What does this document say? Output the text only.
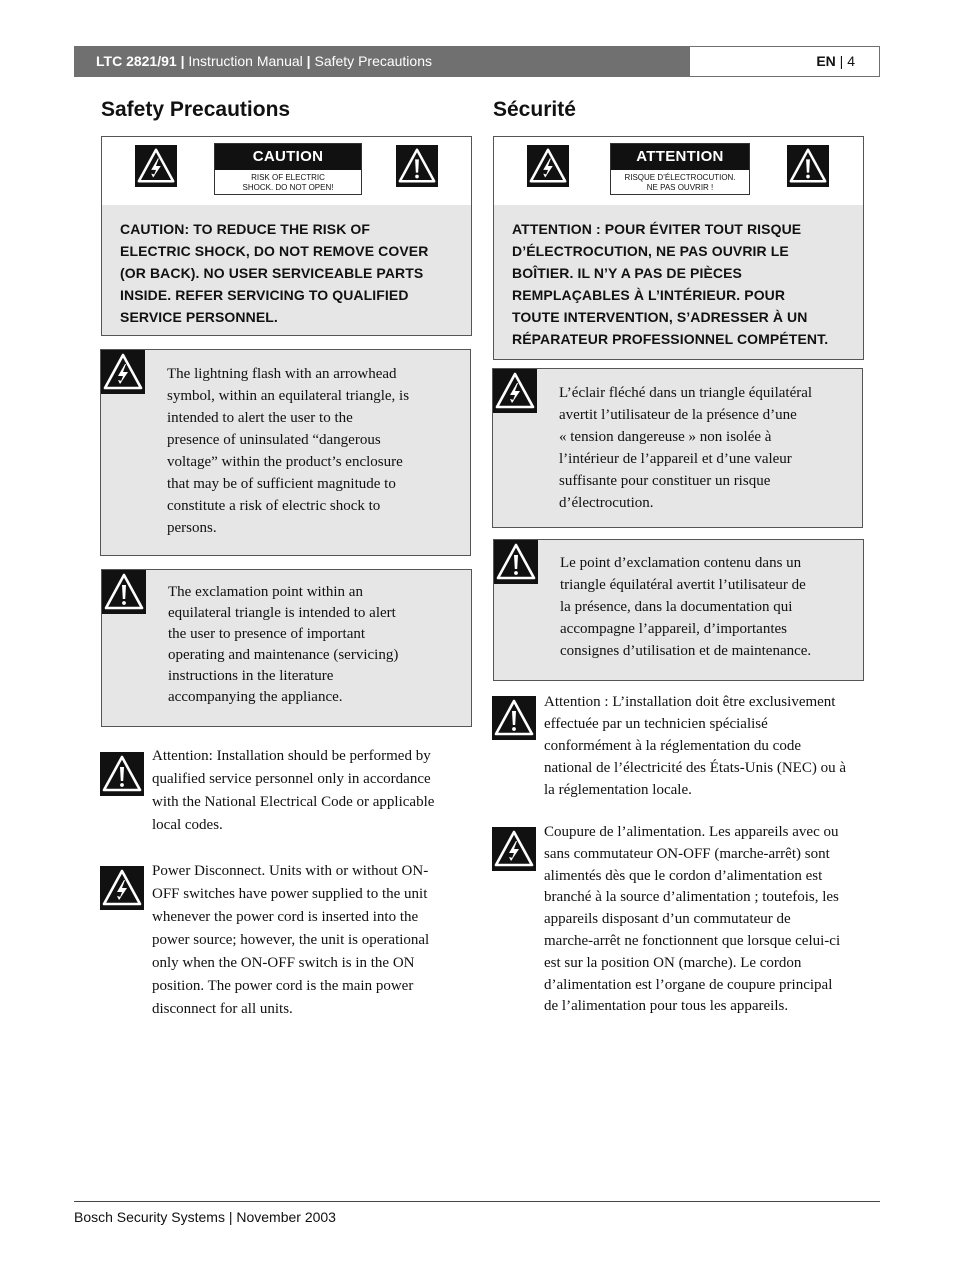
LTC 2821/91 | Instruction Manual | Safety Precautions	EN | 4
Safety Precautions	Sécurité
CAUTION
RISK OF ELECTRIC
SHOCK. DO NOT OPEN!
CAUTION: TO REDUCE THE RISK OF
ELECTRIC SHOCK, DO NOT REMOVE COVER
(OR BACK). NO USER SERVICEABLE PARTS
INSIDE. REFER SERVICING TO QUALIFIED
SERVICE PERSONNEL.
ATTENTION
RISQUE D’ÉLECTROCUTION.
NE PAS OUVRIR !
ATTENTION : POUR ÉVITER TOUT RISQUE
D’ÉLECTROCUTION, NE PAS OUVRIR LE
BOÎTIER. IL N’Y A PAS DE PIÈCES
REMPLAÇABLES À L’INTÉRIEUR. POUR
TOUTE INTERVENTION, S’ADRESSER À UN
RÉPARATEUR PROFESSIONNEL COMPÉTENT.
The lightning flash with an arrowhead
symbol, within an equilateral triangle, is
intended to alert the user to the
presence of uninsulated “dangerous
voltage” within the product’s enclosure
that may be of sufficient magnitude to
constitute a risk of electric shock to
persons.
L’éclair fléché dans un triangle équilatéral
avertit l’utilisateur de la présence d’une
« tension dangereuse » non isolée à
l’intérieur de l’appareil et d’une valeur
suffisante pour constituer un risque
d’électrocution.
The exclamation point within an
equilateral triangle is intended to alert
the user to presence of important
operating and maintenance (servicing)
instructions in the literature
accompanying the appliance.
Le point d’exclamation contenu dans un
triangle équilatéral avertit l’utilisateur de
la présence, dans la documentation qui
accompagne l’appareil, d’importantes
consignes d’utilisation et de maintenance.
Attention: Installation should be performed by
qualified service personnel only in accordance
with the National Electrical Code or applicable
local codes.
Power Disconnect. Units with or without ON-
OFF switches have power supplied to the unit
whenever the power cord is inserted into the
power source; however, the unit is operational
only when the ON-OFF switch is in the ON
position. The power cord is the main power
disconnect for all units.
Attention : L’installation doit être exclusivement
effectuée par un technicien spécialisé
conformément à la réglementation du code
national de l’électricité des États-Unis (NEC) ou à
la réglementation locale.
Coupure de l’alimentation. Les appareils avec ou
sans commutateur ON-OFF (marche-arrêt) sont
alimentés dès que le cordon d’alimentation est
branché à la source d’alimentation ; toutefois, les
appareils disposant d’un commutateur de
marche-arrêt ne fonctionnent que lorsque celui-ci
est sur la position ON (marche). Le cordon
d’alimentation est l’organe de coupure principal
de l’alimentation pour tous les appareils.
Bosch Security Systems | November 2003
